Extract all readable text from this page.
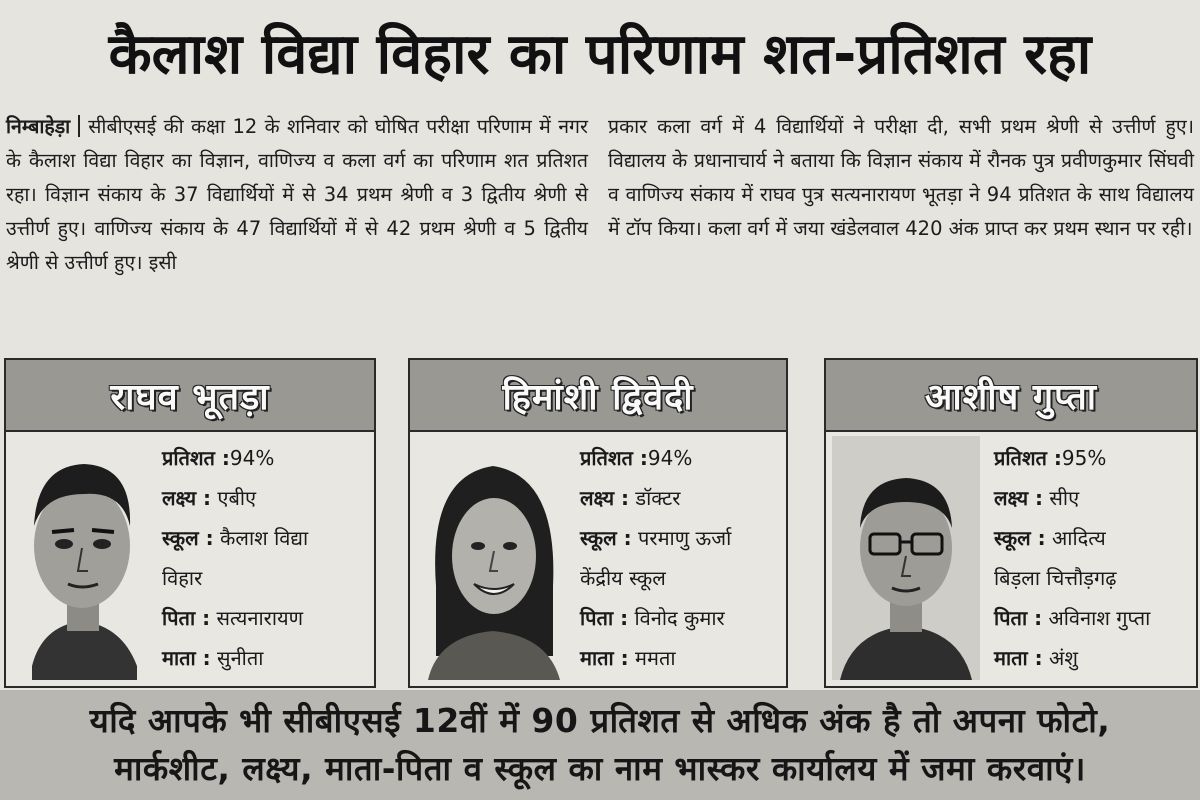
कैलाश विद्या विहार का परिणाम शत-प्रतिशत रहा
निम्बाहेड़ा सीबीएसई की कक्षा 12 के शनिवार को घोषित परीक्षा परिणाम में नगर के कैलाश विद्या विहार का विज्ञान, वाणिज्य व कला वर्ग का परिणाम शत प्रतिशत रहा। विज्ञान संकाय के 37 विद्यार्थियों में से 34 प्रथम श्रेणी व 3 द्वितीय श्रेणी से उत्तीर्ण हुए। वाणिज्य संकाय के 47 विद्यार्थियों में से 42 प्रथम श्रेणी व 5 द्वितीय श्रेणी से उत्तीर्ण हुए। इसी
प्रकार कला वर्ग में 4 विद्यार्थियों ने परीक्षा दी, सभी प्रथम श्रेणी से उत्तीर्ण हुए। विद्यालय के प्रधानाचार्य ने बताया कि विज्ञान संकाय में रौनक पुत्र प्रवीणकुमार सिंघवी व वाणिज्य संकाय में राघव पुत्र सत्यनारायण भूतड़ा ने 94 प्रतिशत के साथ विद्यालय में टॉप किया। कला वर्ग में जया खंडेलवाल 420 अंक प्राप्त कर प्रथम स्थान पर रही।
राघव भूतड़ा
प्रतिशत :94%
लक्ष्य : एबीए
स्कूल : कैलाश विद्या
विहार
पिता : सत्यनारायण
माता : सुनीता
हिमांशी द्विवेदी
प्रतिशत :94%
लक्ष्य : डॉक्टर
स्कूल : परमाणु ऊर्जा
केंद्रीय स्कूल
पिता : विनोद कुमार
माता : ममता
आशीष गुप्ता
प्रतिशत :95%
लक्ष्य : सीए
स्कूल : आदित्य
बिड़ला चित्तौड़गढ़
पिता : अविनाश गुप्ता
माता : अंशु
यदि आपके भी सीबीएसई 12वीं में 90 प्रतिशत से अधिक अंक है तो अपना फोटो,
मार्कशीट, लक्ष्य, माता-पिता व स्कूल का नाम भास्कर कार्यालय में जमा करवाएं।
